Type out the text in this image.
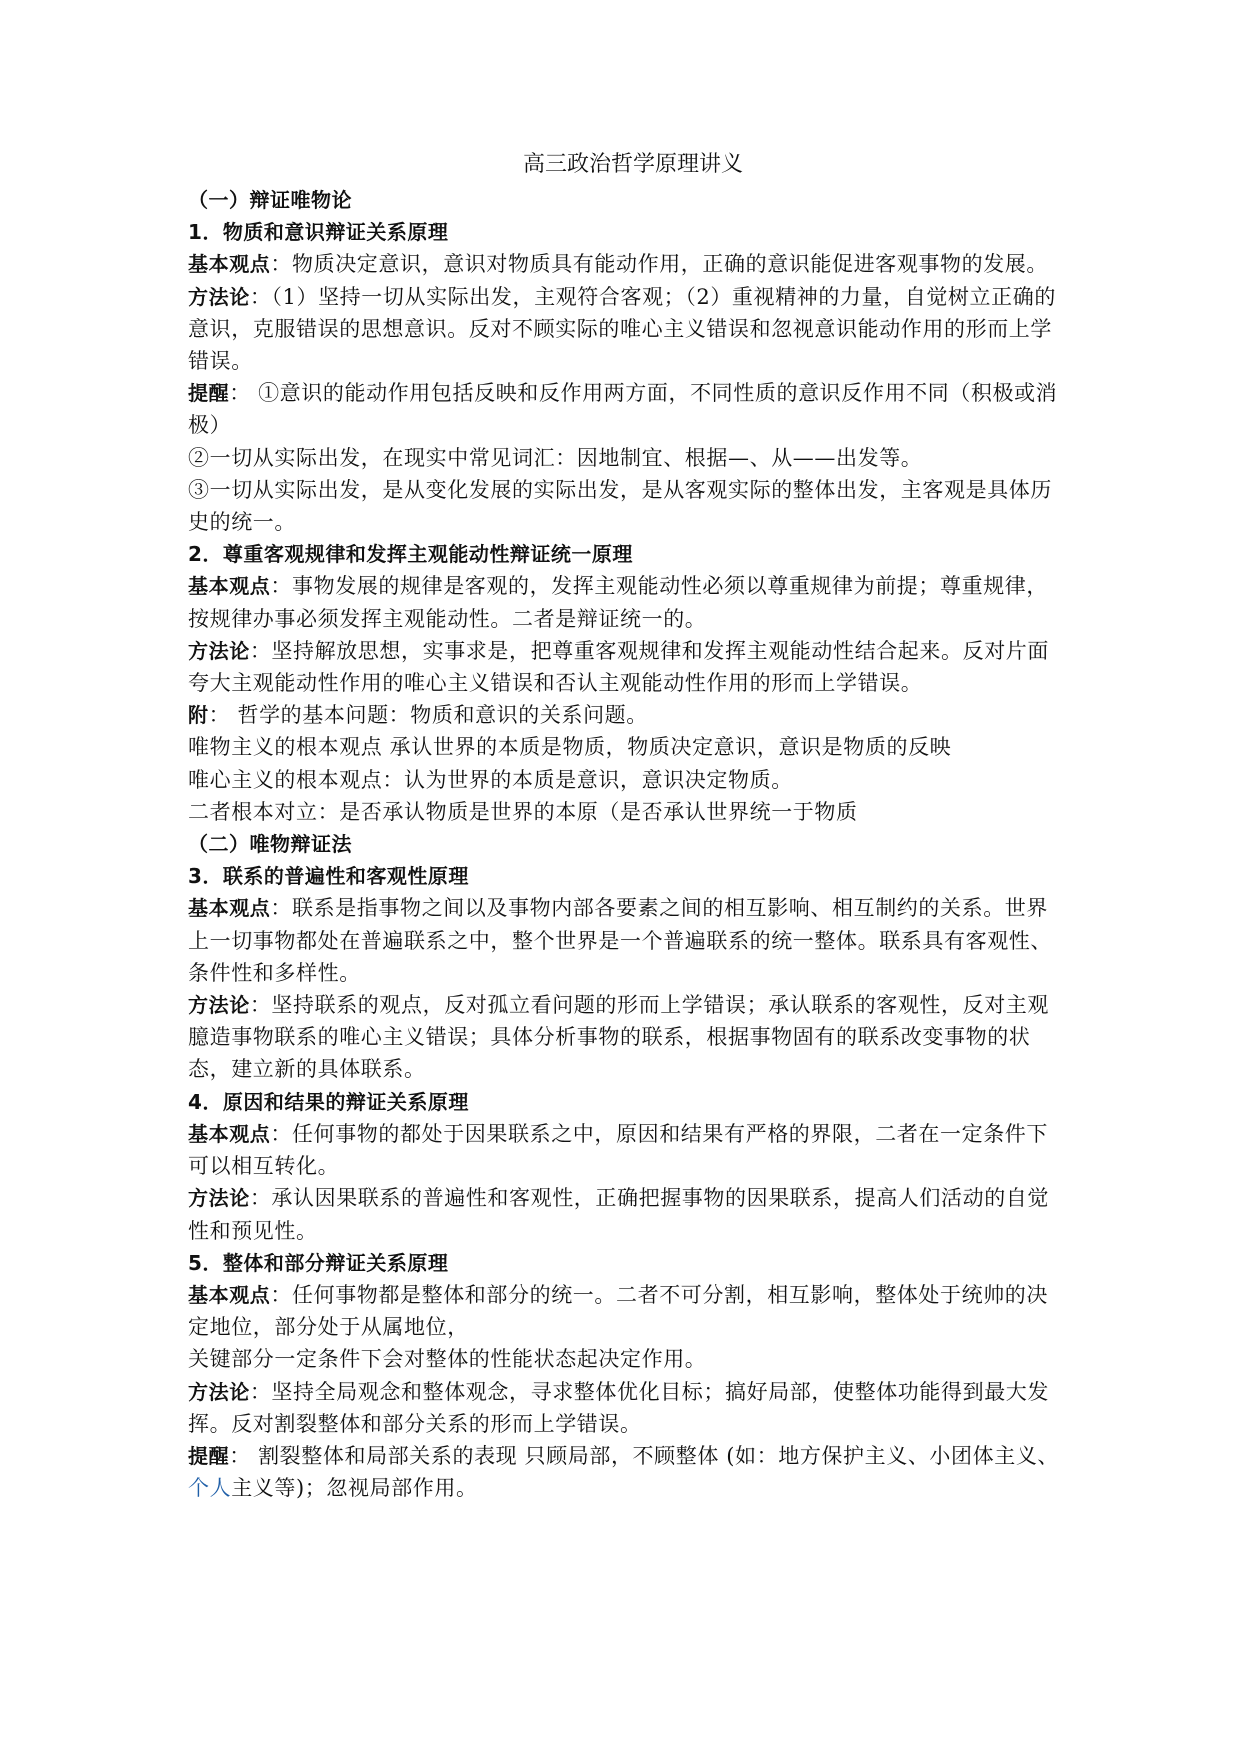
高三政治哲学原理讲义
（一）辩证唯物论
1．物质和意识辩证关系原理
基本观点：物质决定意识，意识对物质具有能动作用，正确的意识能促进客观事物的发展。
方法论：（1）坚持一切从实际出发，主观符合客观；（2）重视精神的力量，自觉树立正确的意识，克服错误的思想意识。反对不顾实际的唯心主义错误和忽视意识能动作用的形而上学错误。
提醒： ①意识的能动作用包括反映和反作用两方面，不同性质的意识反作用不同（积极或消极）
②一切从实际出发，在现实中常见词汇：因地制宜、根据—、从——出发等。
③一切从实际出发，是从变化发展的实际出发，是从客观实际的整体出发，主客观是具体历史的统一。
2．尊重客观规律和发挥主观能动性辩证统一原理
基本观点：事物发展的规律是客观的，发挥主观能动性必须以尊重规律为前提；尊重规律，按规律办事必须发挥主观能动性。二者是辩证统一的。
方法论：坚持解放思想，实事求是，把尊重客观规律和发挥主观能动性结合起来。反对片面夸大主观能动性作用的唯心主义错误和否认主观能动性作用的形而上学错误。
附： 哲学的基本问题：物质和意识的关系问题。
唯物主义的根本观点 承认世界的本质是物质，物质决定意识，意识是物质的反映
唯心主义的根本观点：认为世界的本质是意识，意识决定物质。
二者根本对立：是否承认物质是世界的本原（是否承认世界统一于物质
（二）唯物辩证法
3．联系的普遍性和客观性原理
基本观点：联系是指事物之间以及事物内部各要素之间的相互影响、相互制约的关系。世界上一切事物都处在普遍联系之中，整个世界是一个普遍联系的统一整体。联系具有客观性、条件性和多样性。
方法论：坚持联系的观点，反对孤立看问题的形而上学错误；承认联系的客观性，反对主观臆造事物联系的唯心主义错误；具体分析事物的联系，根据事物固有的联系改变事物的状态，建立新的具体联系。
4．原因和结果的辩证关系原理
基本观点：任何事物的都处于因果联系之中，原因和结果有严格的界限，二者在一定条件下可以相互转化。
方法论：承认因果联系的普遍性和客观性，正确把握事物的因果联系，提高人们活动的自觉性和预见性。
5．整体和部分辩证关系原理
基本观点：任何事物都是整体和部分的统一。二者不可分割，相互影响，整体处于统帅的决定地位，部分处于从属地位，
关键部分一定条件下会对整体的性能状态起决定作用。
方法论：坚持全局观念和整体观念，寻求整体优化目标；搞好局部，使整体功能得到最大发挥。反对割裂整体和部分关系的形而上学错误。
提醒： 割裂整体和局部关系的表现 只顾局部，不顾整体 (如：地方保护主义、小团体主义、个人主义等)；忽视局部作用。
